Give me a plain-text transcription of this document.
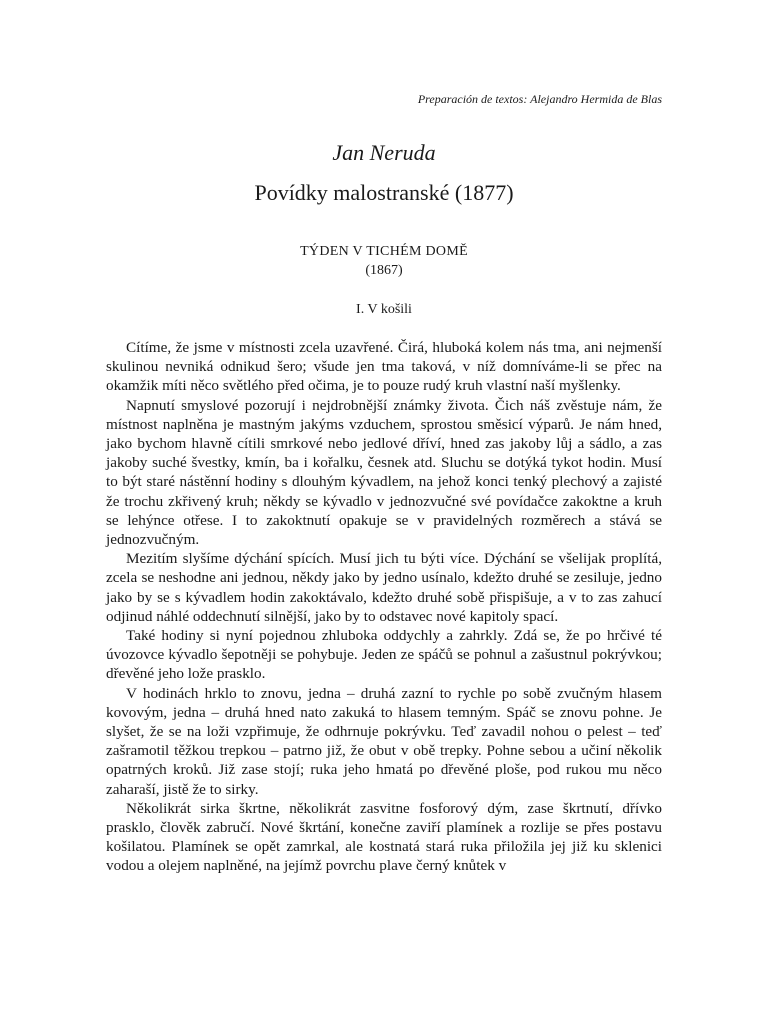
Preparación de textos: Alejandro Hermida de Blas
Jan Neruda
Povídky malostranské (1877)
TÝDEN V TICHÉM DOMĚ
(1867)
I. V košili

Cítíme, že jsme v místnosti zcela uzavřené. Čirá, hluboká kolem nás tma, ani nejmenší skulinou nevniká odnikud šero; všude jen tma taková, v níž domníváme-li se přec na okamžik míti něco světlého před očima, je to pouze rudý kruh vlastní naší myšlenky.

Napnutí smyslové pozorují i nejdrobnější známky života. Čich náš zvěstuje nám, že místnost naplněna je mastným jakýms vzduchem, sprostou směsicí výparů. Je nám hned, jako bychom hlavně cítili smrkové nebo jedlové dříví, hned zas jakoby lůj a sádlo, a zas jakoby suché švestky, kmín, ba i kořalku, česnek atd. Sluchu se dotýká tykot hodin. Musí to být staré nástěnní hodiny s dlouhým kývadlem, na jehož konci tenký plechový a zajisté že trochu zkřivený kruh; někdy se kývadlo v jednozvučné své povídačce zakoktne a kruh se lehýnce otřese. I to zakoktnutí opakuje se v pravidelných rozměrech a stává se jednozvučným.

Mezitím slyšíme dýchání spících. Musí jich tu býti více. Dýchání se všelijak proplítá, zcela se neshodne ani jednou, někdy jako by jedno usínalo, kdežto druhé se zesiluje, jedno jako by se s kývadlem hodin zakoktávalo, kdežto druhé sobě přispišuje, a v to zas zahucí odjinud náhlé oddechnutí silnější, jako by to odstavec nové kapitoly spací.

Také hodiny si nyní pojednou zhluboka oddychly a zahrkly. Zdá se, že po hrčivé té úvozovce kývadlo šepotněji se pohybuje. Jeden ze spáčů se pohnul a zašustnul pokrývkou; dřevěné jeho lože prasklo.

V hodinách hrklo to znovu, jedna – druhá zazní to rychle po sobě zvučným hlasem kovovým, jedna – druhá hned nato zakuká to hlasem temným. Spáč se znovu pohne. Je slyšet, že se na loži vzpřimuje, že odhrnuje pokrývku. Teď zavadil nohou o pelest – teď zašramotil těžkou trepkou – patrno již, že obut v obě trepky. Pohne sebou a učiní několik opatrných kroků. Již zase stojí; ruka jeho hmatá po dřevěné ploše, pod rukou mu něco zaharaší, jistě že to sirky.

Několikrát sirka škrtne, několikrát zasvitne fosforový dým, zase škrtnutí, dřívko prasklo, člověk zabručí. Nové škrtání, konečne zaviří plamínek a rozlije se přes postavu košilatou. Plamínek se opět zamrkal, ale kostnatá stará ruka přiložila jej již ku sklenici vodou a olejem naplněné, na jejímž povrchu plave černý knůtek v
